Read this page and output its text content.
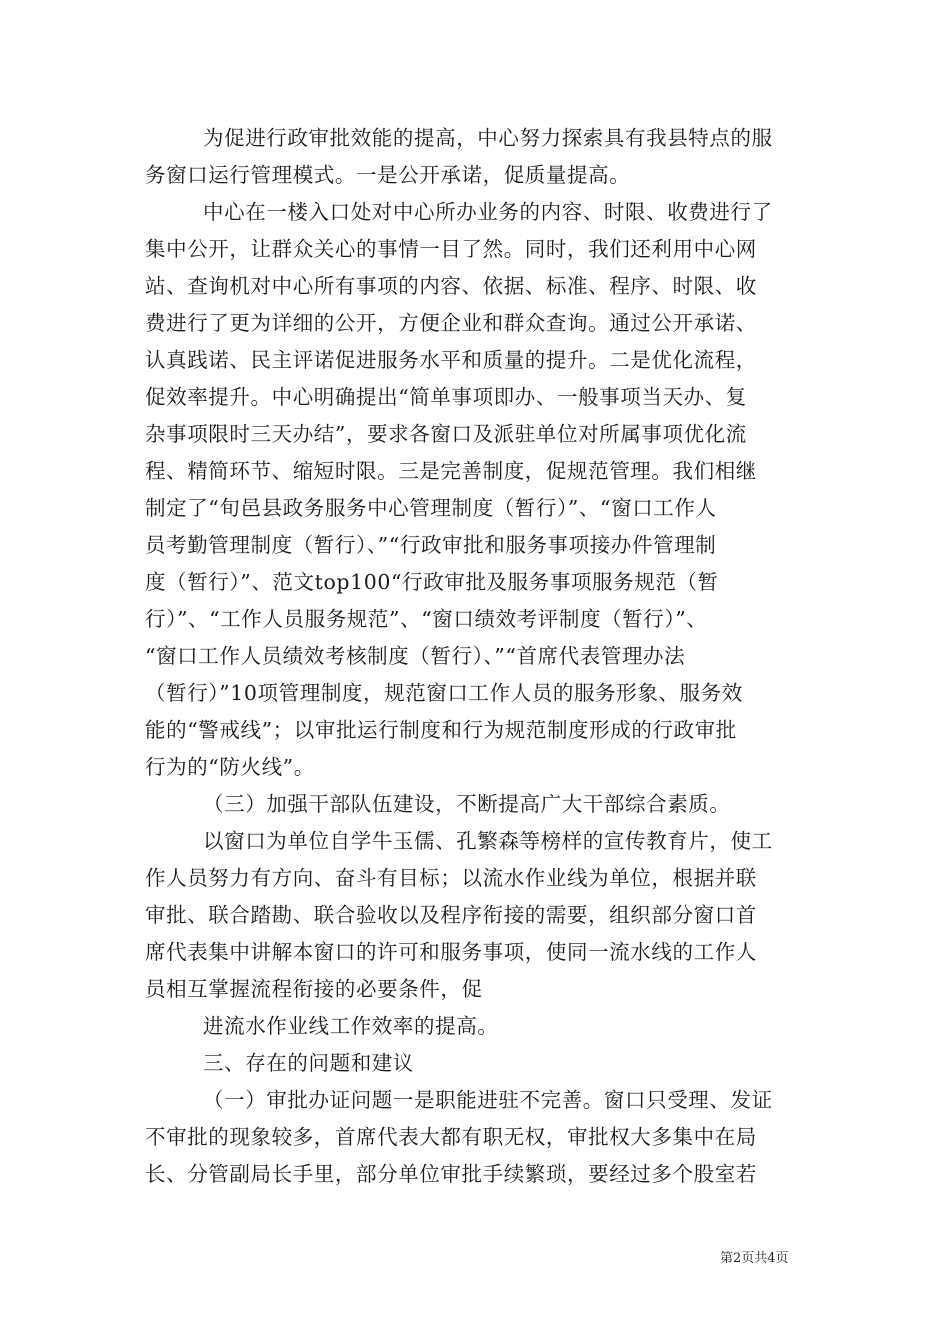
为促进行政审批效能的提高，中心努力探索具有我县特点的服
务窗口运行管理模式。一是公开承诺，促质量提高。

中心在一楼入口处对中心所办业务的内容、时限、收费进行了
集中公开，让群众关心的事情一目了然。同时，我们还利用中心网
站、查询机对中心所有事项的内容、依据、标准、程序、时限、收
费进行了更为详细的公开，方便企业和群众查询。通过公开承诺、
认真践诺、民主评诺促进服务水平和质量的提升。二是优化流程，
促效率提升。中心明确提出“简单事项即办、一般事项当天办、复
杂事项限时三天办结”，要求各窗口及派驻单位对所属事项优化流
程、精简环节、缩短时限。三是完善制度，促规范管理。我们相继
制定了“旬邑县政务服务中心管理制度（暂行）”、“窗口工作人
员考勤管理制度（暂行）、”“行政审批和服务事项接办件管理制
度（暂行）”、范文top100“行政审批及服务事项服务规范（暂
行）”、“工作人员服务规范”、“窗口绩效考评制度（暂行）”、
“窗口工作人员绩效考核制度（暂行）、”“首席代表管理办法
（暂行）”10项管理制度，规范窗口工作人员的服务形象、服务效
能的“警戒线”；以审批运行制度和行为规范制度形成的行政审批
行为的“防火线”。

（三）加强干部队伍建设，不断提高广大干部综合素质。

以窗口为单位自学牛玉儒、孔繁森等榜样的宣传教育片，使工
作人员努力有方向、奋斗有目标；以流水作业线为单位，根据并联
审批、联合踏勘、联合验收以及程序衔接的需要，组织部分窗口首
席代表集中讲解本窗口的许可和服务事项，使同一流水线的工作人
员相互掌握流程衔接的必要条件，促

进流水作业线工作效率的提高。

三、存在的问题和建议

（一）审批办证问题一是职能进驻不完善。窗口只受理、发证
不审批的现象较多，首席代表大都有职无权，审批权大多集中在局
长、分管副局长手里，部分单位审批手续繁琐，要经过多个股室若

第2页共4页
